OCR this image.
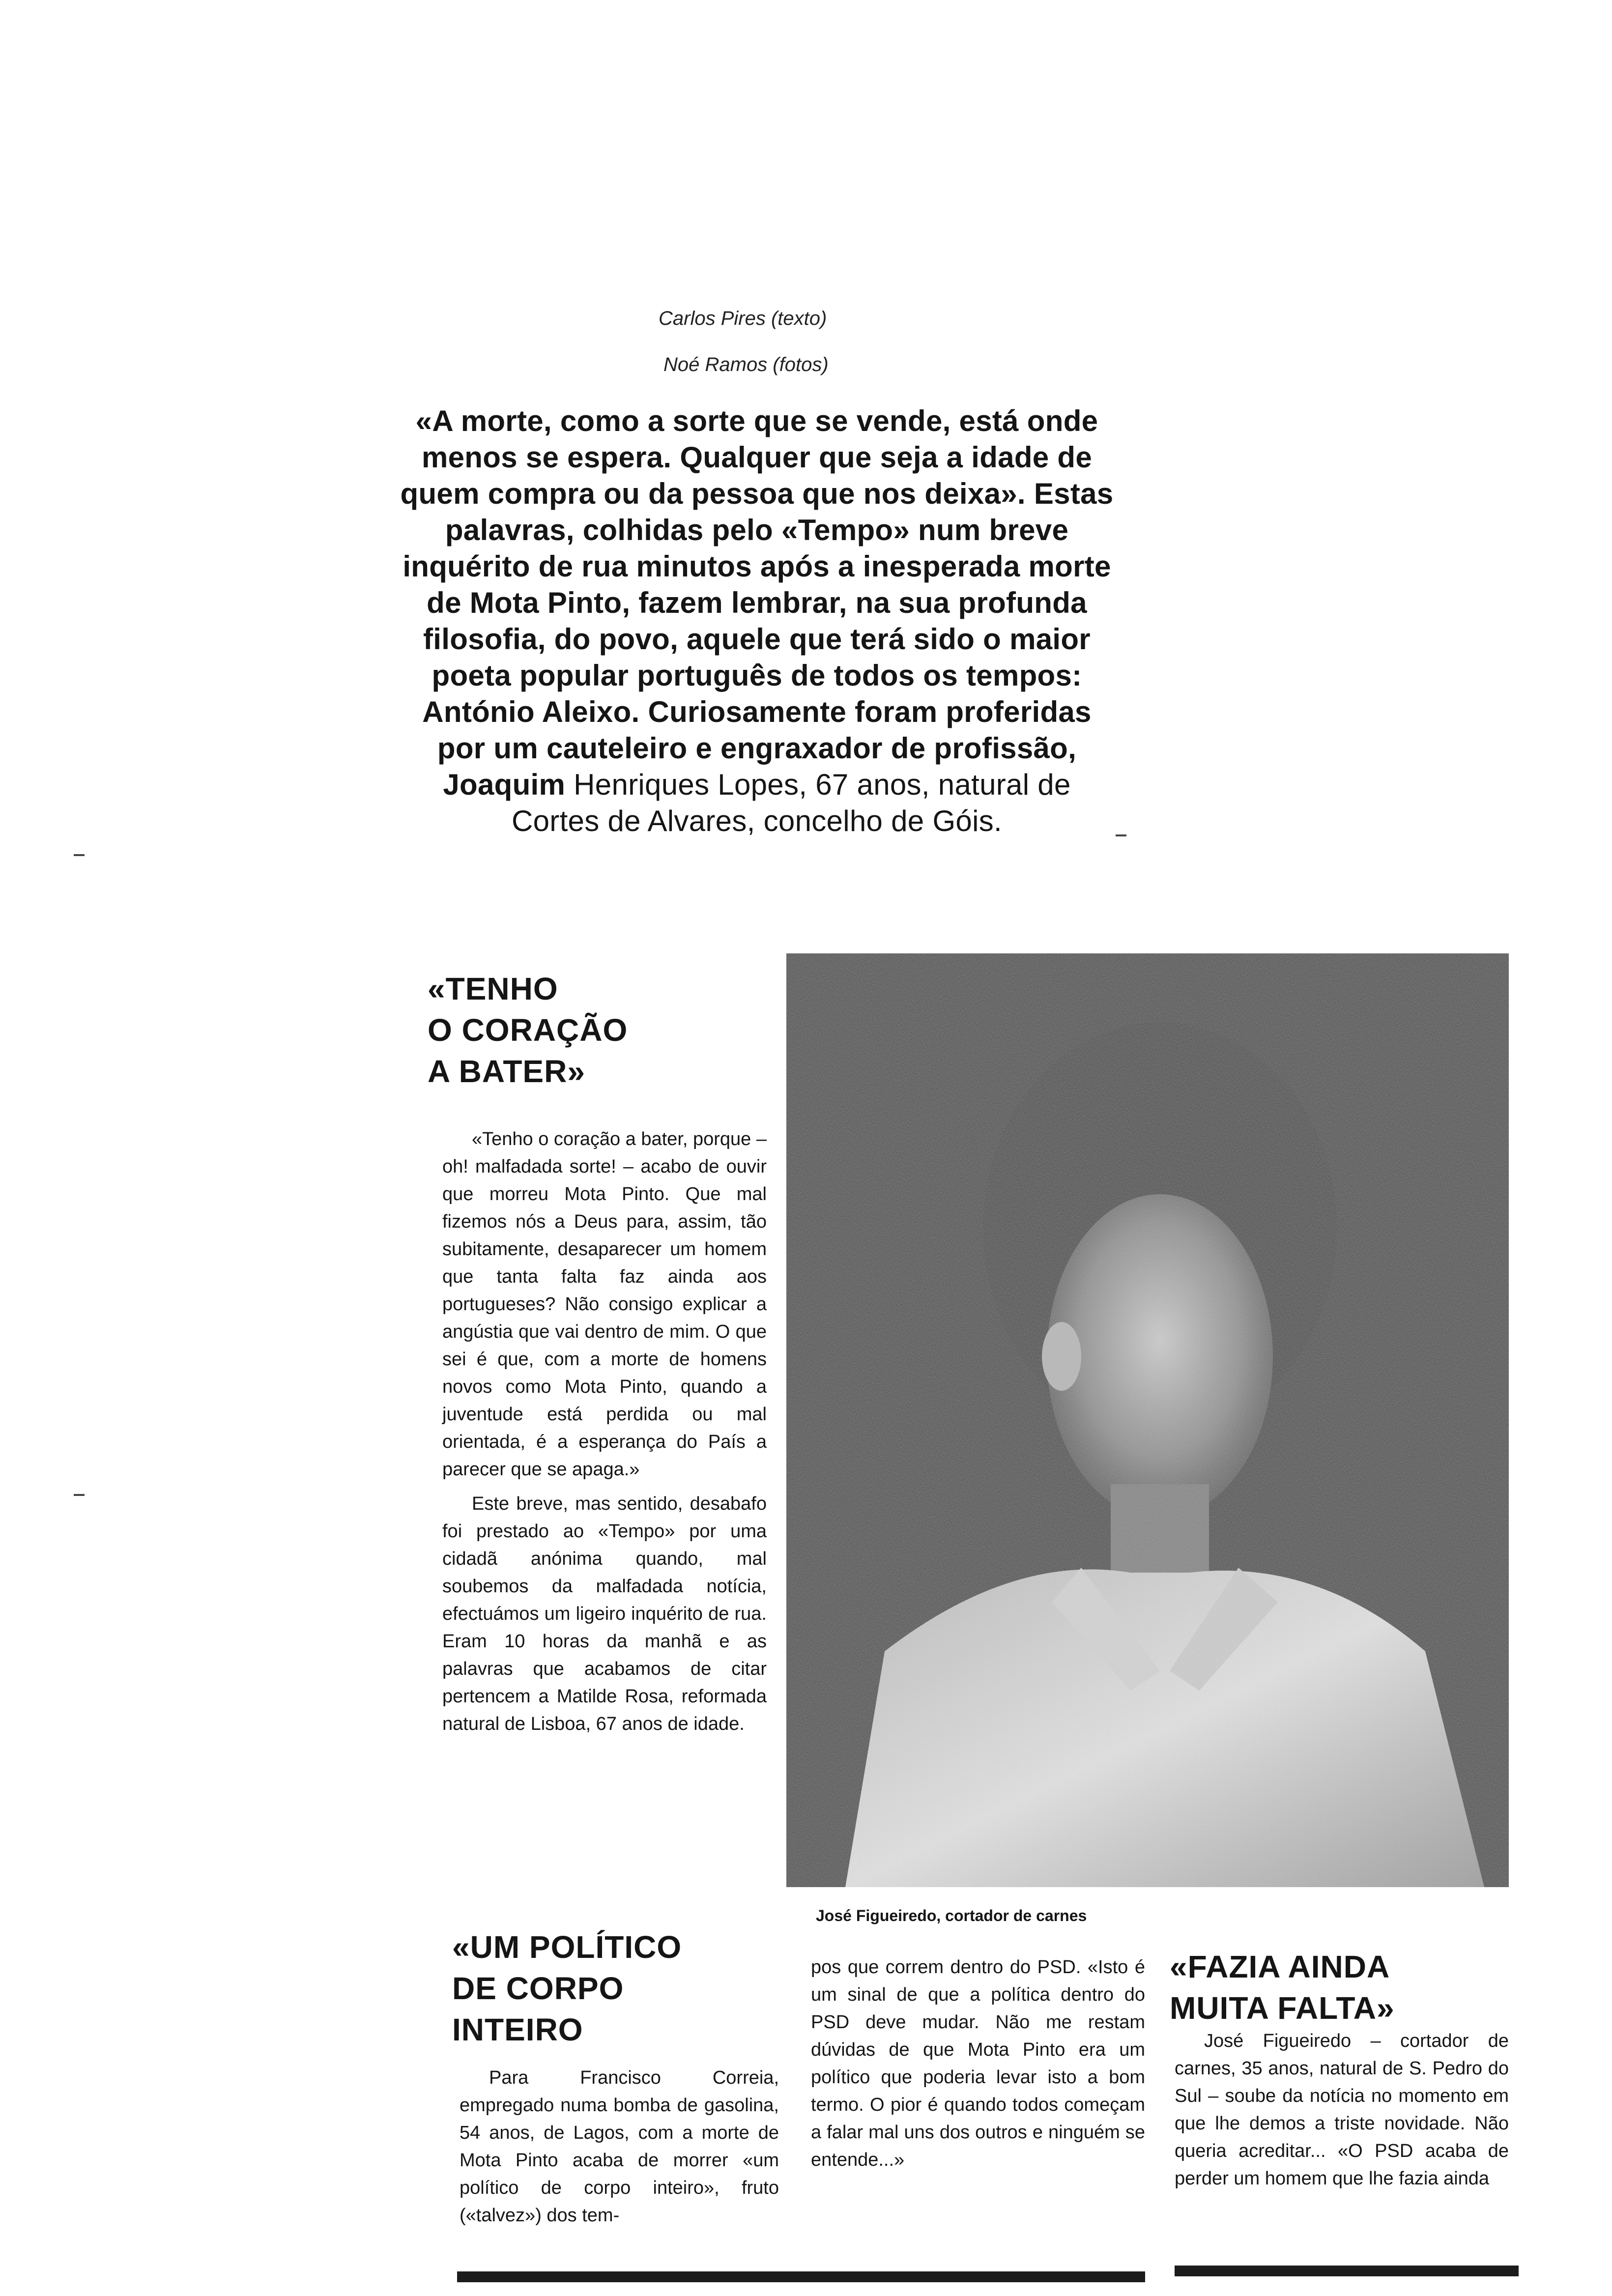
Carlos Pires (texto)
Noé Ramos (fotos)
«A morte, como a sorte que se vende, está onde menos se espera. Qualquer que seja a idade de quem compra ou da pessoa que nos deixa». Estas palavras, colhidas pelo «Tempo» num breve inquérito de rua minutos após a inesperada morte de Mota Pinto, fazem lembrar, na sua profunda filosofia, do povo, aquele que terá sido o maior poeta popular português de todos os tempos: António Aleixo. Curiosamente foram proferidas por um cauteleiro e engraxador de profissão, Joaquim Henriques Lopes, 67 anos, natural de Cortes de Alvares, concelho de Góis.
«TENHO
O CORAÇÃO
A BATER»

«Tenho o coração a bater, porque – oh! malfadada sorte! – acabo de ouvir que morreu Mota Pinto. Que mal fizemos nós a Deus para, assim, tão subitamente, desaparecer um homem que tanta falta faz ainda aos portugueses? Não consigo explicar a angústia que vai dentro de mim. O que sei é que, com a morte de homens novos como Mota Pinto, quando a juventude está perdida ou mal orientada, é a esperança do País a parecer que se apaga.»

Este breve, mas sentido, desabafo foi prestado ao «Tempo» por uma cidadã anónima quando, mal soubemos da malfadada notícia, efectuámos um ligeiro inquérito de rua. Eram 10 horas da manhã e as palavras que acabamos de citar pertencem a Matilde Rosa, reformada natural de Lisboa, 67 anos de idade.

José Figueiredo, cortador de carnes
«UM POLÍTICO
DE CORPO
INTEIRO

Para Francisco Correia, empregado numa bomba de gasolina, 54 anos, de Lagos, com a morte de Mota Pinto acaba de morrer «um político de corpo inteiro», fruto («talvez») dos tem-

pos que correm dentro do PSD. «Isto é um sinal de que a política dentro do PSD deve mudar. Não me restam dúvidas de que Mota Pinto era um político que poderia levar isto a bom termo. O pior é quando todos começam a falar mal uns dos outros e ninguém se entende...»

«FAZIA AINDA
MUITA FALTA»

José Figueiredo – cortador de carnes, 35 anos, natural de S. Pedro do Sul – soube da notícia no momento em que lhe demos a triste novidade. Não queria acreditar... «O PSD acaba de perder um homem que lhe fazia ainda
